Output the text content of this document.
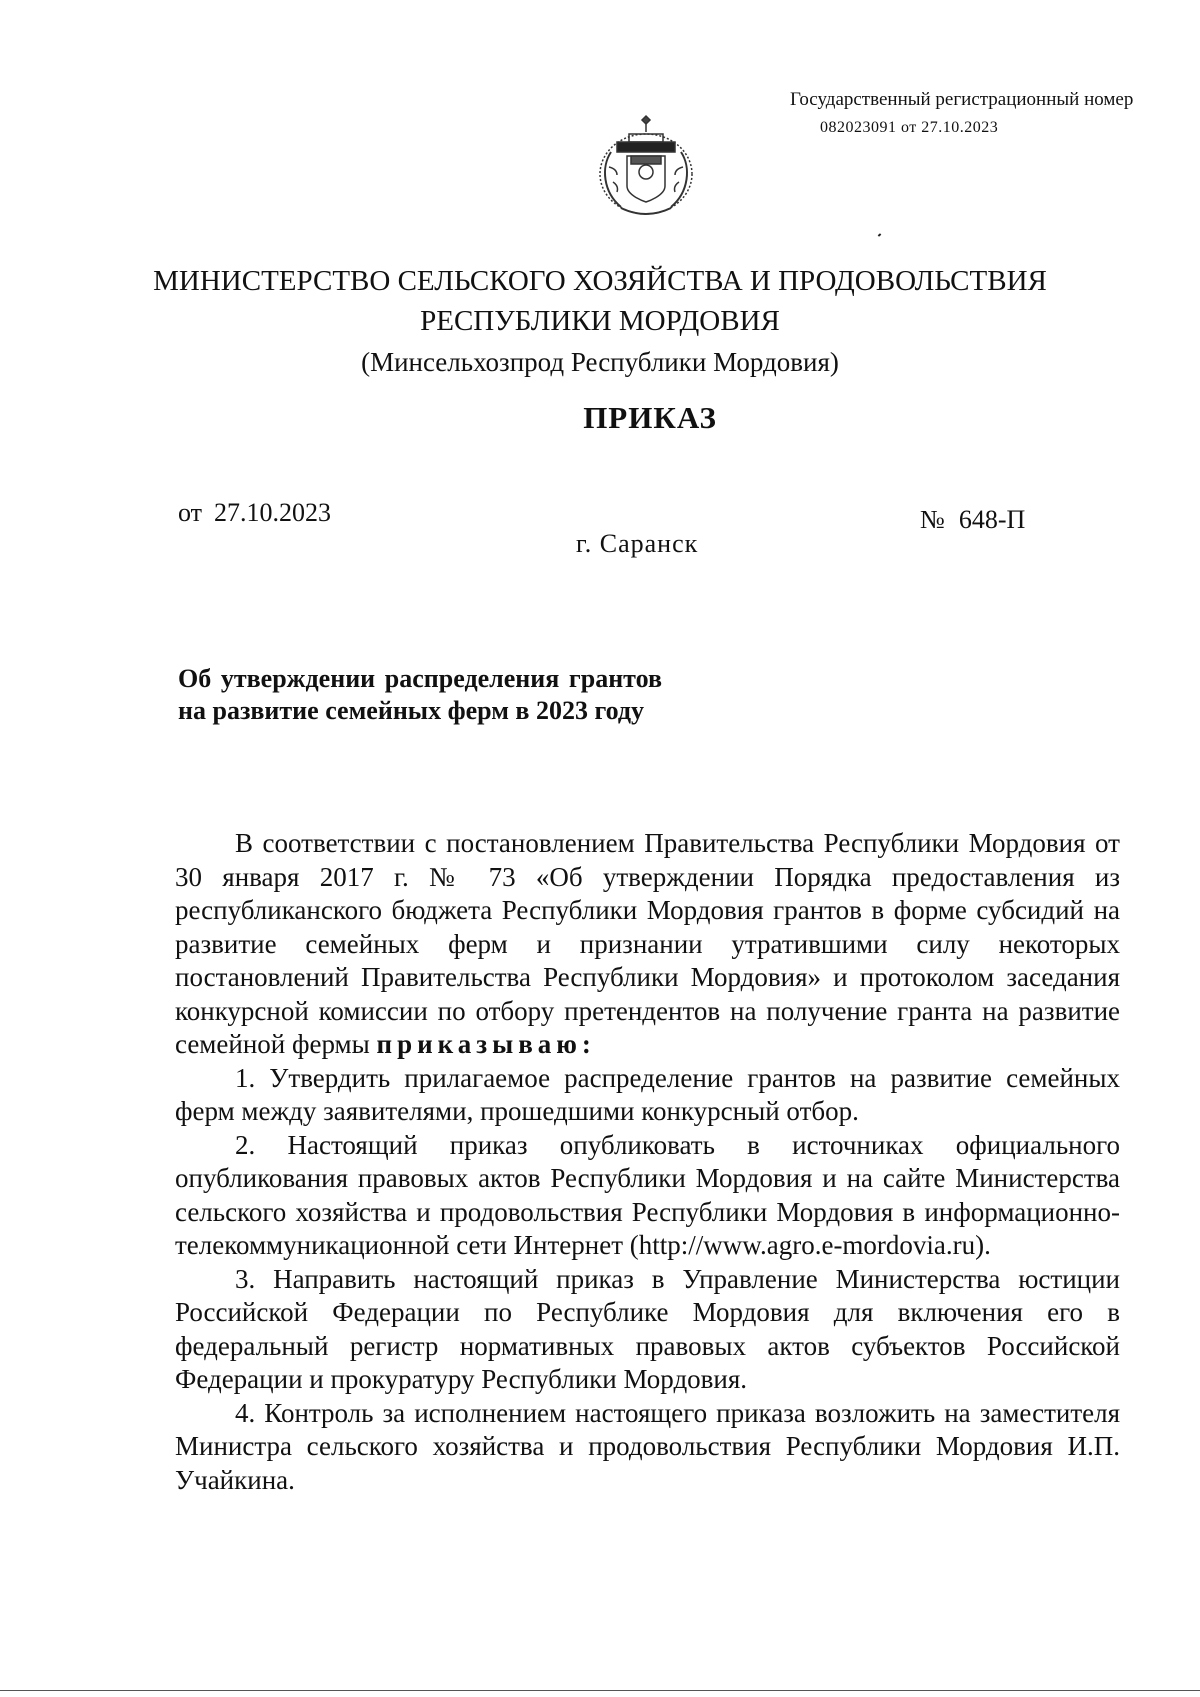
Государственный регистрационный номер
082023091 от 27.10.2023
МИНИСТЕРСТВО СЕЛЬСКОГО ХОЗЯЙСТВА И ПРОДОВОЛЬСТВИЯ
РЕСПУБЛИКИ МОРДОВИЯ
(Минсельхозпрод Республики Мордовия)
ПРИКАЗ
от 27.10.2023
г. Саранск
№ 648-П
Об утверждении распределения грантов на развитие семейных ферм в 2023 году

В соответствии с постановлением Правительства Республики Мордовия от 30 января 2017 г. № 73 «Об утверждении Порядка предоставления из республиканского бюджета Республики Мордовия грантов в форме субсидий на развитие семейных ферм и признании утратившими силу некоторых постановлений Правительства Республики Мордовия» и протоколом заседания конкурсной комиссии по отбору претендентов на получение гранта на развитие семейной фермы приказываю:

1. Утвердить прилагаемое распределение грантов на развитие семейных ферм между заявителями, прошедшими конкурсный отбор.

2. Настоящий приказ опубликовать в источниках официального опубликования правовых актов Республики Мордовия и на сайте Министерства сельского хозяйства и продовольствия Республики Мордовия в информационно-телекоммуникационной сети Интернет (http://www.agro.e-mordovia.ru).

3. Направить настоящий приказ в Управление Министерства юстиции Российской Федерации по Республике Мордовия для включения его в федеральный регистр нормативных правовых актов субъектов Российской Федерации и прокуратуру Республики Мордовия.

4. Контроль за исполнением настоящего приказа возложить на заместителя Министра сельского хозяйства и продовольствия Республики Мордовия И.П. Учайкина.
